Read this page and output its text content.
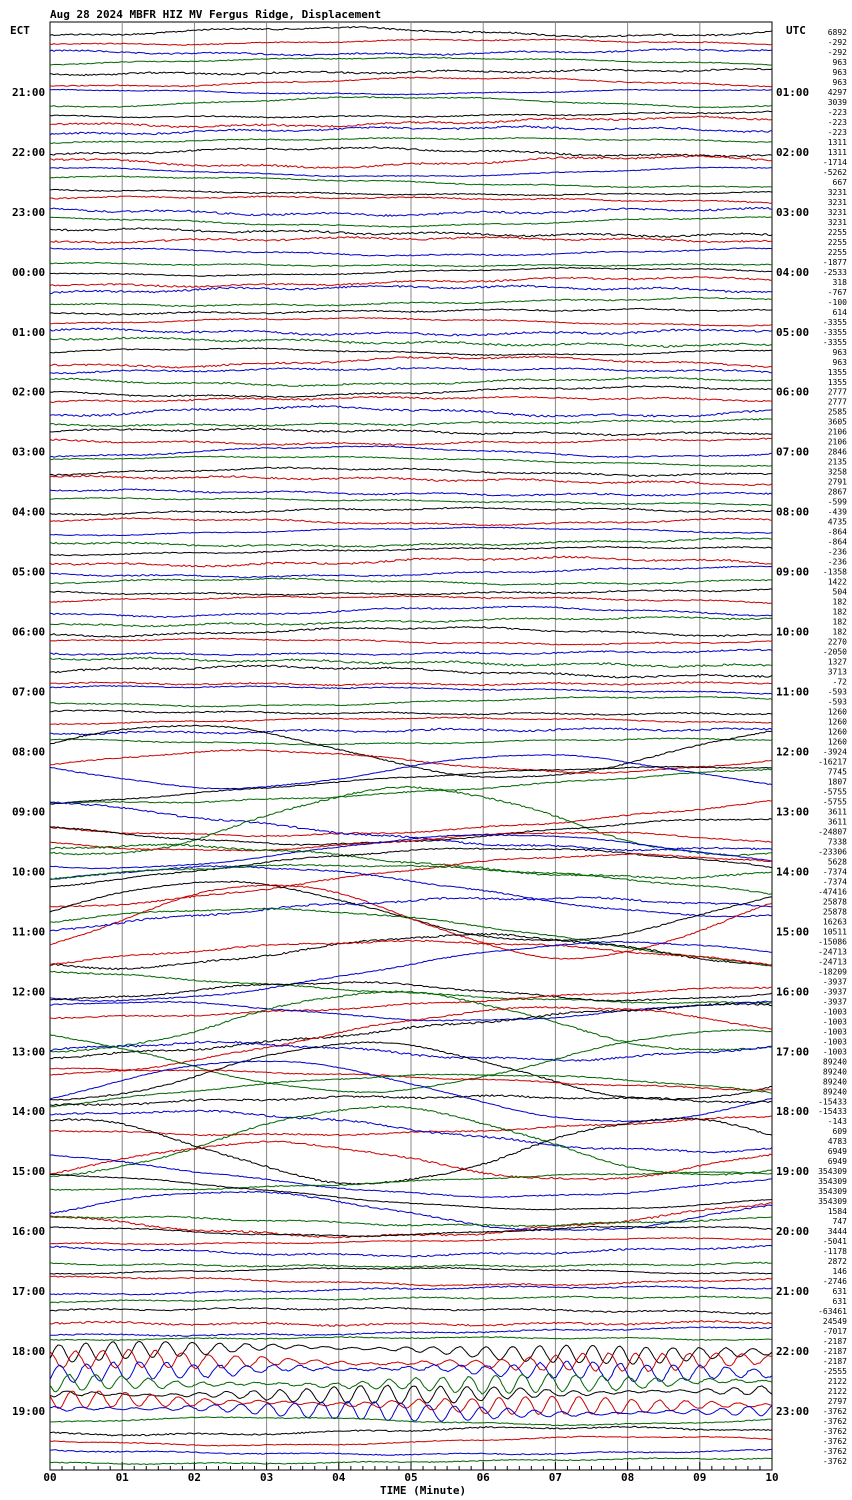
Aug 28 2024 MBFR HIZ MV Fergus Ridge, Displacement
ECT	UTC
00	01	02	03	04	05	06	07	08	09	10
6892
-292
-292
963
963
963
4297
3039
-223
-223
-223
1311
1311
-1714
-5262
667
3231
3231
3231
3231
2255
2255
2255
-1877
-2533
318
-767
-100
614
-3355
-3355
-3355
963
963
1355
1355
2777
2777
2585
3605
2106
2106
2846
2135
3258
2791
2867
-599
-439
4735
-864
-864
-236
-236
-1358
1422
504
182
182
182
182
2270
-2050
1327
3713
-72
-593
-593
1260
1260
1260
1260
-3924
-16217
7745
1807
-5755
-5755
3611
3611
-24807
7338
-23306
5628
-7374
-7374
-47416
25878
25878
16263
10511
-15086
-24713
-24713
-18209
-3937
-3937
-3937
-1003
-1003
-1003
-1003
-1003
89240
89240
89240
89240
-15433
-15433
-143
609
4783
6949
6949
354309
354309
354309
354309
1584
747
3444
-5041
-1178
2872
146
-2746
631
631
-63461
24549
-7017
-2187
-2187
-2187
-2555
2122
2122
2797
-3762
-3762
-3762
-3762
-3762
-3762
21:00
22:00
23:00
00:00
01:00
02:00
03:00
04:00
05:00
06:00
07:00
08:00
09:00
10:00
11:00
12:00
13:00
14:00
15:00
16:00
17:00
18:00
19:00
01:00
02:00
03:00
04:00
05:00
06:00
07:00
08:00
09:00
10:00
11:00
12:00
13:00
14:00
15:00
16:00
17:00
18:00
19:00
20:00
21:00
22:00
23:00
TIME (Minute)
